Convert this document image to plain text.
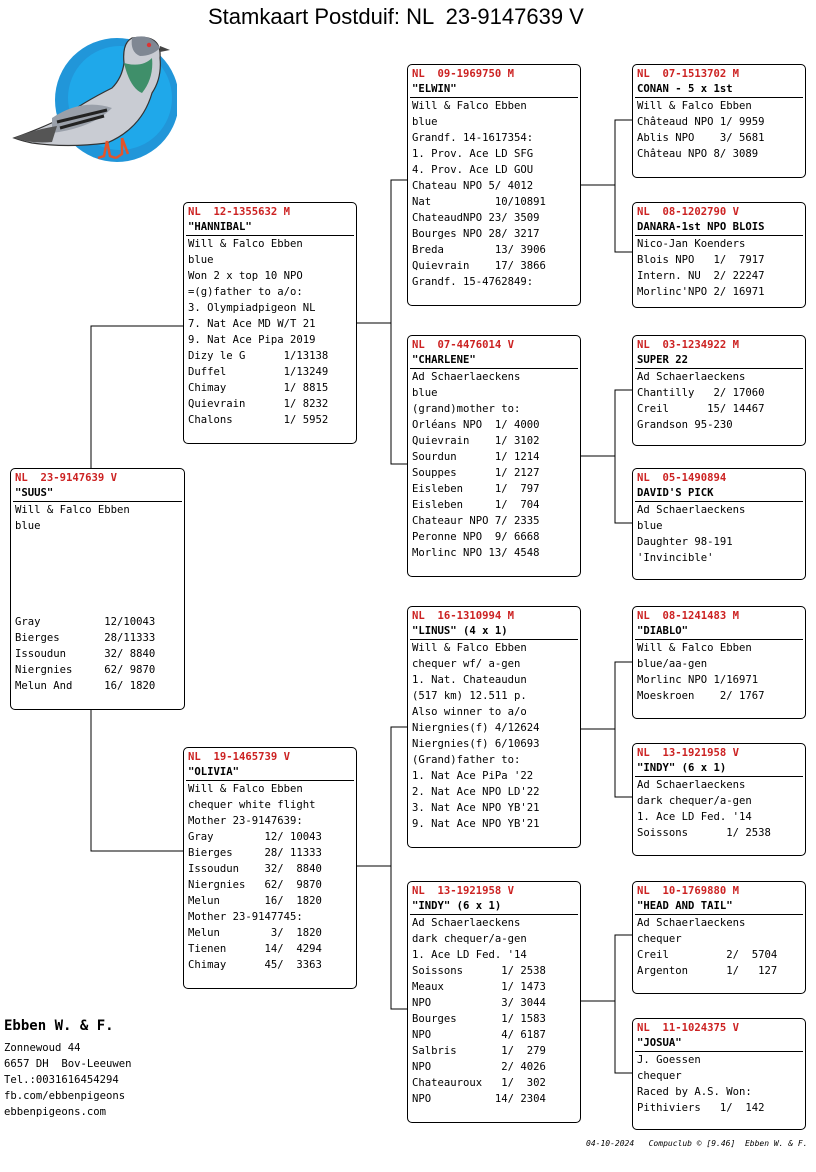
Stamkaart Postduif: NL  23-9147639 V
NL  23-9147639 V
"SUUS"
Will & Falco Ebben
blue
Gray          12/10043
Bierges       28/11333
Issoudun      32/ 8840
Niergnies     62/ 9870
Melun And     16/ 1820
NL  12-1355632 M
"HANNIBAL"
Will & Falco Ebben
blue
Won 2 x top 10 NPO
=(g)father to a/o:
3. Olympiadpigeon NL
7. Nat Ace MD W/T 21
9. Nat Ace Pipa 2019
Dizy le G      1/13138
Duffel         1/13249
Chimay         1/ 8815
Quievrain      1/ 8232
Chalons        1/ 5952
NL  19-1465739 V
"OLIVIA"
Will & Falco Ebben
chequer white flight
Mother 23-9147639:
Gray        12/ 10043
Bierges     28/ 11333
Issoudun    32/  8840
Niergnies   62/  9870
Melun       16/  1820
Mother 23-9147745:
Melun        3/  1820
Tienen      14/  4294
Chimay      45/  3363
NL  09-1969750 M
"ELWIN"
Will & Falco Ebben
blue
Grandf. 14-1617354:
1. Prov. Ace LD SFG
4. Prov. Ace LD GOU
Chateau NPO 5/ 4012
Nat          10/10891
ChateaudNPO 23/ 3509
Bourges NPO 28/ 3217
Breda        13/ 3906
Quievrain    17/ 3866
Grandf. 15-4762849:
NL  07-4476014 V
"CHARLENE"
Ad Schaerlaeckens
blue
(grand)mother to:
Orléans NPO  1/ 4000
Quievrain    1/ 3102
Sourdun      1/ 1214
Souppes      1/ 2127
Eisleben     1/  797
Eisleben     1/  704
Chateaur NPO 7/ 2335
Peronne NPO  9/ 6668
Morlinc NPO 13/ 4548
NL  16-1310994 M
"LINUS" (4 x 1)
Will & Falco Ebben
chequer wf/ a-gen
1. Nat. Chateaudun
(517 km) 12.511 p.
Also winner to a/o
Niergnies(f) 4/12624
Niergnies(f) 6/10693
(Grand)father to:
1. Nat Ace PiPa '22
2. Nat Ace NPO LD'22
3. Nat Ace NPO YB'21
9. Nat Ace NPO YB'21
NL  13-1921958 V
"INDY" (6 x 1)
Ad Schaerlaeckens
dark chequer/a-gen
1. Ace LD Fed. '14
Soissons      1/ 2538
Meaux         1/ 1473
NPO           3/ 3044
Bourges       1/ 1583
NPO           4/ 6187
Salbris       1/  279
NPO           2/ 4026
Chateauroux   1/  302
NPO          14/ 2304
NL  07-1513702 M
CONAN - 5 x 1st
Will & Falco Ebben
Châteaud NPO 1/ 9959
Ablis NPO    3/ 5681
Château NPO 8/ 3089
NL  08-1202790 V
DANARA-1st NPO BLOIS
Nico-Jan Koenders
Blois NPO   1/  7917
Intern. NU  2/ 22247
Morlinc'NPO 2/ 16971
NL  03-1234922 M
SUPER 22
Ad Schaerlaeckens
Chantilly   2/ 17060
Creil      15/ 14467
Grandson 95-230
NL  05-1490894
DAVID'S PICK
Ad Schaerlaeckens
blue
Daughter 98-191
'Invincible'
NL  08-1241483 M
"DIABLO"
Will & Falco Ebben
blue/aa-gen
Morlinc NPO 1/16971
Moeskroen    2/ 1767
NL  13-1921958 V
"INDY" (6 x 1)
Ad Schaerlaeckens
dark chequer/a-gen
1. Ace LD Fed. '14
Soissons      1/ 2538
NL  10-1769880 M
"HEAD AND TAIL"
Ad Schaerlaeckens
chequer
Creil         2/  5704
Argenton      1/   127
NL  11-1024375 V
"JOSUA"
J. Goessen
chequer
Raced by A.S. Won:
Pithiviers   1/  142
Ebben W. & F.
Zonnewoud 44
6657 DH  Bov-Leeuwen
Tel.:0031616454294
fb.com/ebbenpigeons
ebbenpigeons.com
04-10-2024   Compuclub © [9.46]  Ebben W. & F.
